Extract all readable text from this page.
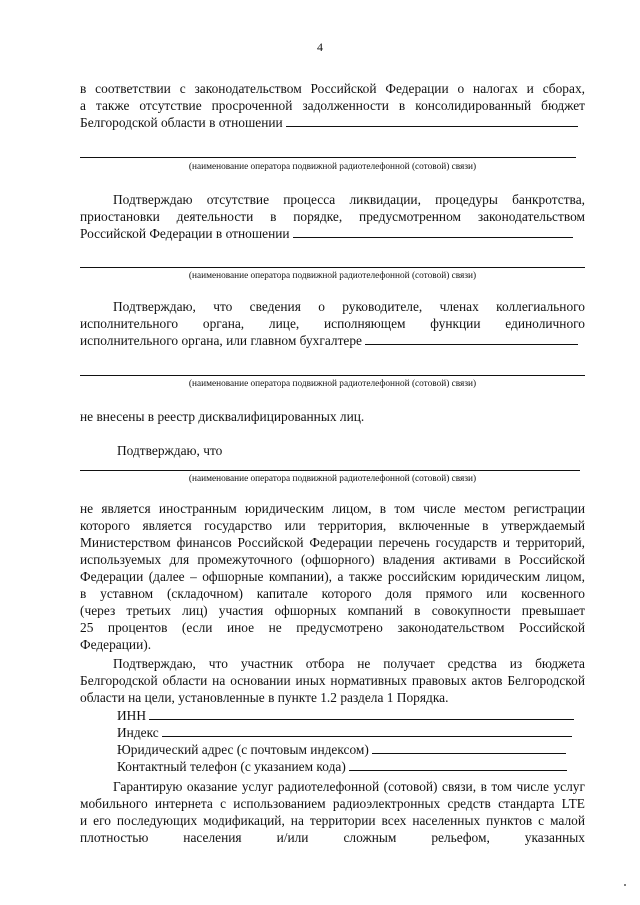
4
в соответствии с законодательством Российской Федерации о налогах и сборах,
а также отсутствие просроченной задолженности в консолидированный бюджет
Белгородской области в отношении
(наименование оператора подвижной радиотелефонной (сотовой) связи)
Подтверждаю отсутствие процесса ликвидации, процедуры банкротства,
приостановки деятельности в порядке, предусмотренном законодательством
Российской Федерации в отношении
(наименование оператора подвижной радиотелефонной (сотовой) связи)
Подтверждаю, что сведения о руководителе, членах коллегиального
исполнительного органа, лице, исполняющем функции единоличного
исполнительного органа, или главном бухгалтере
(наименование оператора подвижной радиотелефонной (сотовой) связи)
не внесены в реестр дисквалифицированных лиц.
Подтверждаю, что
(наименование оператора подвижной радиотелефонной (сотовой) связи)
не является иностранным юридическим лицом, в том числе местом регистрации
которого является государство или территория, включенные в утверждаемый
Министерством финансов Российской Федерации перечень государств и территорий,
используемых для промежуточного (офшорного) владения активами в Российской
Федерации (далее – офшорные компании), а также российским юридическим лицом,
в уставном (складочном) капитале которого доля прямого или косвенного
(через третьих лиц) участия офшорных компаний в совокупности превышает
25 процентов (если иное не предусмотрено законодательством Российской
Федерации).
Подтверждаю, что участник отбора не получает средства из бюджета
Белгородской области на основании иных нормативных правовых актов Белгородской
области на цели, установленные в пункте 1.2 раздела 1 Порядка.
ИНН
Индекс
Юридический адрес (с почтовым индексом)
Контактный телефон (с указанием кода)
Гарантирую оказание услуг радиотелефонной (сотовой) связи, в том числе услуг
мобильного интернета с использованием радиоэлектронных средств стандарта LTE
и его последующих модификаций, на территории всех населенных пунктов с малой
плотностью населения и/или сложным рельефом, указанных
